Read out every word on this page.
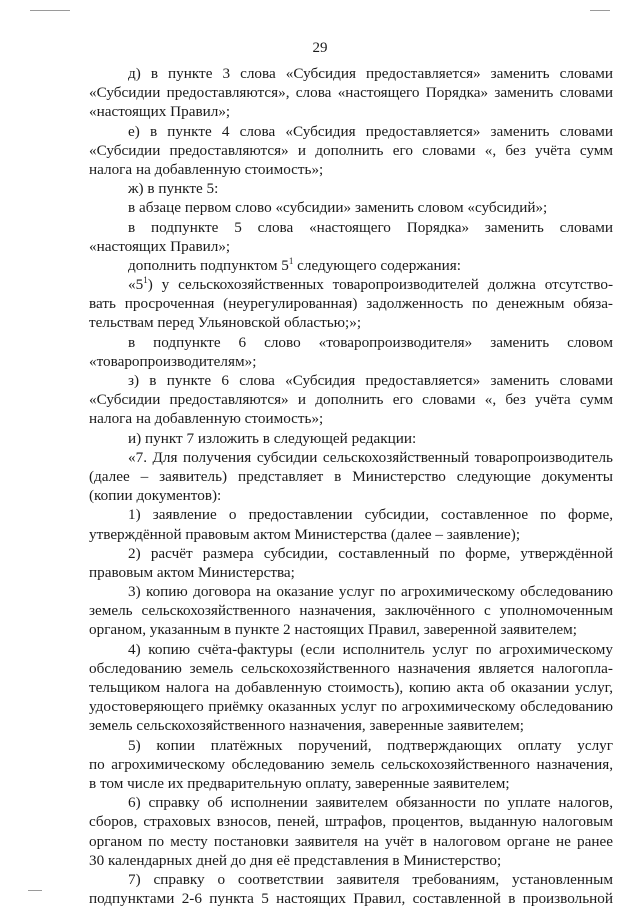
29
д) в пункте 3 слова «Субсидия предоставляется» заменить словами
«Субсидии предоставляются», слова «настоящего Порядка» заменить словами
«настоящих Правил»;
е) в пункте 4 слова «Субсидия предоставляется» заменить словами
«Субсидии предоставляются» и дополнить его словами «, без учёта сумм
налога на добавленную стоимость»;
ж) в пункте 5:
в абзаце первом слово «субсидии» заменить словом «субсидий»;
в подпункте 5 слова «настоящего Порядка» заменить словами
«настоящих Правил»;
дополнить подпунктом $5^1$ следующего содержания:
«$5^1$) у сельскохозяйственных товаропроизводителей должна отсутство-
вать просроченная (неурегулированная) задолженность по денежным обяза-
тельствам перед Ульяновской областью;»;
в подпункте 6 слово «товаропроизводителя» заменить словом
«товаропроизводителям»;
з) в пункте 6 слова «Субсидия предоставляется» заменить словами
«Субсидии предоставляются» и дополнить его словами «, без учёта сумм
налога на добавленную стоимость»;
и) пункт 7 изложить в следующей редакции:
«7. Для получения субсидии сельскохозяйственный товаропроизводитель
(далее – заявитель) представляет в Министерство следующие документы
(копии документов):
1) заявление о предоставлении субсидии, составленное по форме,
утверждённой правовым актом Министерства (далее – заявление);
2) расчёт размера субсидии, составленный по форме, утверждённой
правовым актом Министерства;
3) копию договора на оказание услуг по агрохимическому обследованию
земель сельскохозяйственного назначения, заключённого с уполномоченным
органом, указанным в пункте 2 настоящих Правил, заверенной заявителем;
4) копию счёта-фактуры (если исполнитель услуг по агрохимическому
обследованию земель сельскохозяйственного назначения является налогопла-
тельщиком налога на добавленную стоимость), копию акта об оказании услуг,
удостоверяющего приёмку оказанных услуг по агрохимическому обследованию
земель сельскохозяйственного назначения, заверенные заявителем;
5) копии платёжных поручений, подтверждающих оплату услуг
по агрохимическому обследованию земель сельскохозяйственного назначения,
в том числе их предварительную оплату, заверенные заявителем;
6) справку об исполнении заявителем обязанности по уплате налогов,
сборов, страховых взносов, пеней, штрафов, процентов, выданную налоговым
органом по месту постановки заявителя на учёт в налоговом органе не ранее
30 календарных дней до дня её представления в Министерство;
7) справку о соответствии заявителя требованиям, установленным
подпунктами 2-6 пункта 5 настоящих Правил, составленной в произвольной
